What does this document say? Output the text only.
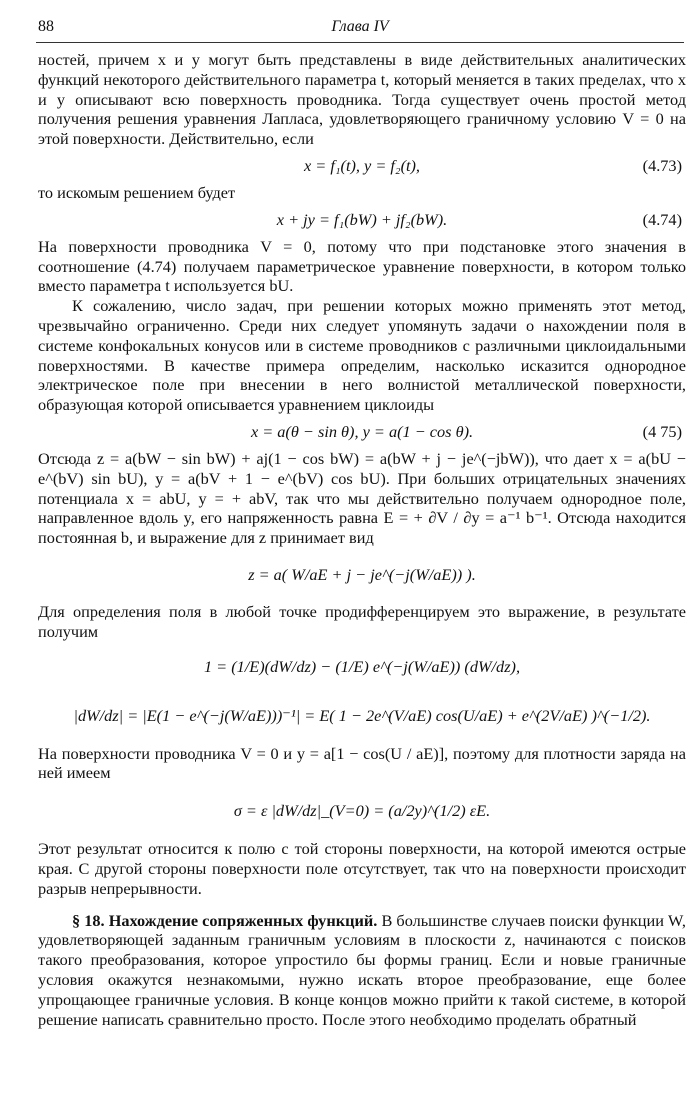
88	Глава IV

ностей, причем x и y могут быть представлены в виде действительных аналитических функций некоторого действительного параметра t, который меняется в таких пределах, что x и y описывают всю поверхность проводника. Тогда существует очень простой метод получения решения уравнения Лапласа, удовлетворяющего граничному условию V = 0 на этой поверхности. Действительно, если

x = f₁(t), y = f₂(t),	(4.73)

то искомым решением будет

x + jy = f₁(bW) + jf₂(bW).	(4.74)

На поверхности проводника V = 0, потому что при подстановке этого значения в соотношение (4.74) получаем параметрическое уравнение поверхности, в котором только вместо параметра t используется bU.

К сожалению, число задач, при решении которых можно применять этот метод, чрезвычайно ограниченно. Среди них следует упомянуть задачи о нахождении поля в системе конфокальных конусов или в системе проводников с различными циклоидальными поверхностями. В качестве примера определим, насколько исказится однородное электрическое поле при внесении в него волнистой металлической поверхности, образующая которой описывается уравнением циклоиды

x = a(θ − sin θ), y = a(1 − cos θ).	(4 75)

Отсюда z = a(bW − sin bW) + aj(1 − cos bW) = a(bW + j − je^(−jbW)), что дает x = a(bU − e^(bV) sin bU), y = a(bV + 1 − e^(bV) cos bU). При больших отрицательных значениях потенциала x = abU, y = + abV, так что мы действительно получаем однородное поле, направленное вдоль y, его напряженность равна E = + ∂V / ∂y = a⁻¹ b⁻¹. Отсюда находится постоянная b, и выражение для z принимает вид

z = a( W/aE + j − je^(−j(W/aE)) ).

Для определения поля в любой точке продифференцируем это выражение, в результате получим

1 = (1/E)(dW/dz) − (1/E) e^(−j(W/aE)) (dW/dz),
|dW/dz| = |E(1 − e^(−j(W/aE)))⁻¹| = E( 1 − 2e^(V/aE) cos(U/aE) + e^(2V/aE) )^(−1/2).

На поверхности проводника V = 0 и y = a[1 − cos(U / aE)], поэтому для плотности заряда на ней имеем

σ = ε |dW/dz|_(V=0) = (a/2y)^(1/2) εE.

Этот результат относится к полю с той стороны поверхности, на которой имеются острые края. С другой стороны поверхности поле отсутствует, так что на поверхности происходит разрыв непрерывности.

§ 18. Нахождение сопряженных функций. В большинстве случаев поиски функции W, удовлетворяющей заданным граничным условиям в плоскости z, начинаются с поисков такого преобразования, которое упростило бы формы границ. Если и новые граничные условия окажутся незнакомыми, нужно искать второе преобразование, еще более упрощающее граничные условия. В конце концов можно прийти к такой системе, в которой решение написать сравнительно просто. После этого необходимо проделать обратный
